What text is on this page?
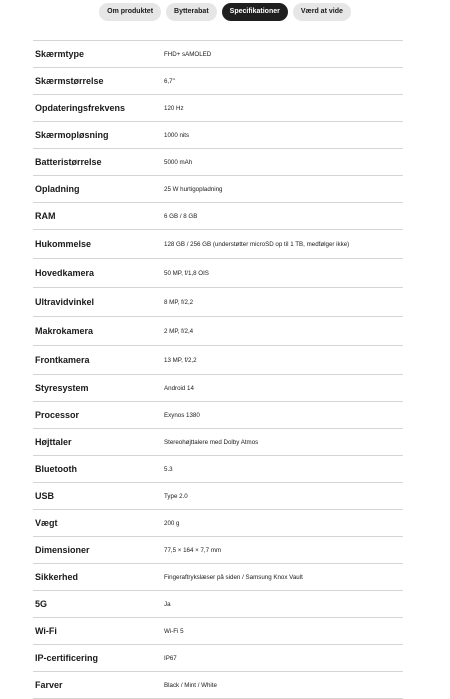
Om produktet	Bytterabat	Specifikationer	Værd at vide
Skærmtype	FHD+ sAMOLED
Skærmstørrelse	6,7"
Opdateringsfrekvens	120 Hz
Skærmopløsning	1000 nits
Batteristørrelse	5000 mAh
Opladning	25 W hurtigopladning
RAM	6 GB / 8 GB
Hukommelse	128 GB / 256 GB (understøtter microSD op til 1 TB, medfølger ikke)
Hovedkamera	50 MP, f/1,8 OIS
Ultravidvinkel	8 MP, f/2,2
Makrokamera	2 MP, f/2,4
Frontkamera	13 MP, f/2,2
Styresystem	Android 14
Processor	Exynos 1380
Højttaler	Stereohøjttalere med Dolby Atmos
Bluetooth	5.3
USB	Type 2.0
Vægt	200 g
Dimensioner	77,5 × 164 × 7,7 mm
Sikkerhed	Fingeraftrykslæser på siden / Samsung Knox Vault
5G	Ja
Wi-Fi	Wi-Fi 5
IP-certificering	IP67
Farver	Black / Mint / White
